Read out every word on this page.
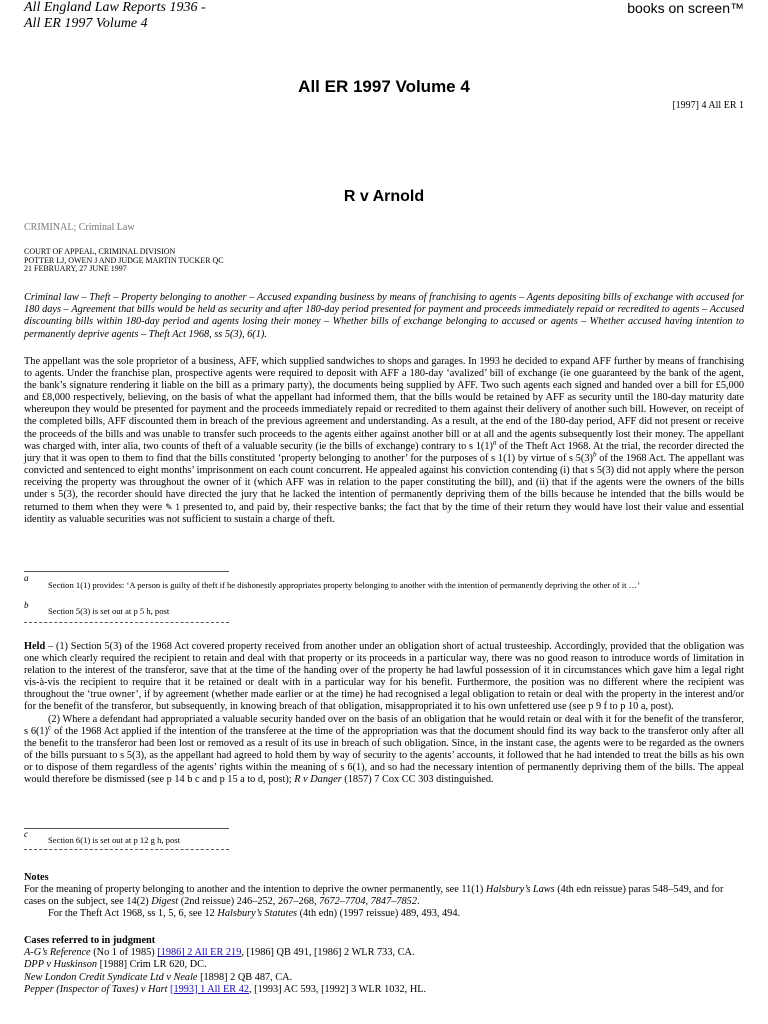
All England Law Reports 1936 -
All ER 1997 Volume 4
books on screen™
All ER 1997 Volume 4
[1997] 4 All ER 1
R v Arnold
CRIMINAL; Criminal Law
COURT OF APPEAL, CRIMINAL DIVISION
POTTER LJ, OWEN J AND JUDGE MARTIN TUCKER QC
21 FEBRUARY, 27 JUNE 1997
Criminal law – Theft – Property belonging to another – Accused expanding business by means of franchising to agents – Agents depositing bills of exchange with accused for 180 days – Agreement that bills would be held as security and after 180-day period presented for payment and proceeds immediately repaid or recredited to agents – Accused discounting bills within 180-day period and agents losing their money – Whether bills of exchange belonging to accused or agents – Whether accused having intention to permanently deprive agents – Theft Act 1968, ss 5(3), 6(1).
The appellant was the sole proprietor of a business, AFF, which supplied sandwiches to shops and garages. In 1993 he decided to expand AFF further by means of franchising to agents. Under the franchise plan, prospective agents were required to deposit with AFF a 180-day ‘avalized’ bill of exchange (ie one guaranteed by the bank of the agent, the bank’s signature rendering it liable on the bill as a primary party), the documents being supplied by AFF. Two such agents each signed and handed over a bill for £5,000 and £8,000 respectively, believing, on the basis of what the appellant had informed them, that the bills would be retained by AFF as security until the 180-day maturity date whereupon they would be presented for payment and the proceeds immediately repaid or recredited to them against their delivery of another such bill. However, on receipt of the completed bills, AFF discounted them in breach of the previous agreement and understanding. As a result, at the end of the 180-day period, AFF did not present or receive the proceeds of the bills and was unable to transfer such proceeds to the agents either against another bill or at all and the agents subsequently lost their money. The appellant was charged with, inter alia, two counts of theft of a valuable security (ie the bills of exchange) contrary to s $1(1)^a$ of the Theft Act 1968. At the trial, the recorder directed the jury that it was open to them to find that the bills constituted ‘property belonging to another’ for the purposes of s 1(1) by virtue of s $5(3)^b$ of the 1968 Act. The appellant was convicted and sentenced to eight months’ imprisonment on each count concurrent. He appealed against his conviction contending (i) that s 5(3) did not apply where the person receiving the property was throughout the owner of it (which AFF was in relation to the paper constituting the bill), and (ii) that if the agents were the owners of the bills under s 5(3), the recorder should have directed the jury that he lacked the intention of permanently depriving them of the bills because he intended that the bills would be returned to them when they were ✎ 1 presented to, and paid by, their respective banks; the fact that by the time of their return they would have lost their value and essential identity as valuable securities was not sufficient to sustain a charge of theft.
a
Section 1(1) provides: ‘A person is guilty of theft if he dishonestly appropriates property belonging to another with the intention of permanently depriving the other of it …’
b
Section 5(3) is set out at p 5 h, post

Held – (1) Section 5(3) of the 1968 Act covered property received from another under an obligation short of actual trusteeship. Accordingly, provided that the obligation was one which clearly required the recipient to retain and deal with that property or its proceeds in a particular way, there was no good reason to introduce words of limitation in relation to the interest of the transferor, save that at the time of the handing over of the property he had lawful possession of it in circumstances which gave him a legal right vis-à-vis the recipient to require that it be retained or dealt with in a particular way for his benefit. Furthermore, the position was no different where the recipient was throughout the ‘true owner’, if by agreement (whether made earlier or at the time) he had recognised a legal obligation to retain or deal with the property in the interest and/or for the benefit of the transferor, but subsequently, in knowing breach of that obligation, misappropriated it to his own unfettered use (see p 9 f to p 10 a, post).

(2) Where a defendant had appropriated a valuable security handed over on the basis of an obligation that he would retain or deal with it for the benefit of the transferor, s $6(1)^c$ of the 1968 Act applied if the intention of the transferee at the time of the appropriation was that the document should find its way back to the transferor only after all the benefit to the transferor had been lost or removed as a result of its use in breach of such obligation. Since, in the instant case, the agents were to be regarded as the owners of the bills pursuant to s 5(3), as the appellant had agreed to hold them by way of security to the agents’ accounts, it followed that he had intended to treat the bills as his own or to dispose of them regardless of the agents’ rights within the meaning of s 6(1), and so had the necessary intention of permanently depriving them of the bills. The appeal would therefore be dismissed (see p 14 b c and p 15 a to d, post); R v Danger (1857) 7 Cox CC 303 distinguished.

c
Section 6(1) is set out at p 12 g h, post

Notes

For the meaning of property belonging to another and the intention to deprive the owner permanently, see 11(1) Halsbury’s Laws (4th edn reissue) paras 548–549, and for cases on the subject, see 14(2) Digest (2nd reissue) 246–252, 267–268, 7672–7704, 7847–7852.

For the Theft Act 1968, ss 1, 5, 6, see 12 Halsbury’s Statutes (4th edn) (1997 reissue) 489, 493, 494.

Cases referred to in judgment
A-G’s Reference (No 1 of 1985) [1986] 2 All ER 219, [1986] QB 491, [1986] 2 WLR 733, CA.
DPP v Huskinson [1988] Crim LR 620, DC.
New London Credit Syndicate Ltd v Neale [1898] 2 QB 487, CA.
Pepper (Inspector of Taxes) v Hart [1993] 1 All ER 42, [1993] AC 593, [1992] 3 WLR 1032, HL.
